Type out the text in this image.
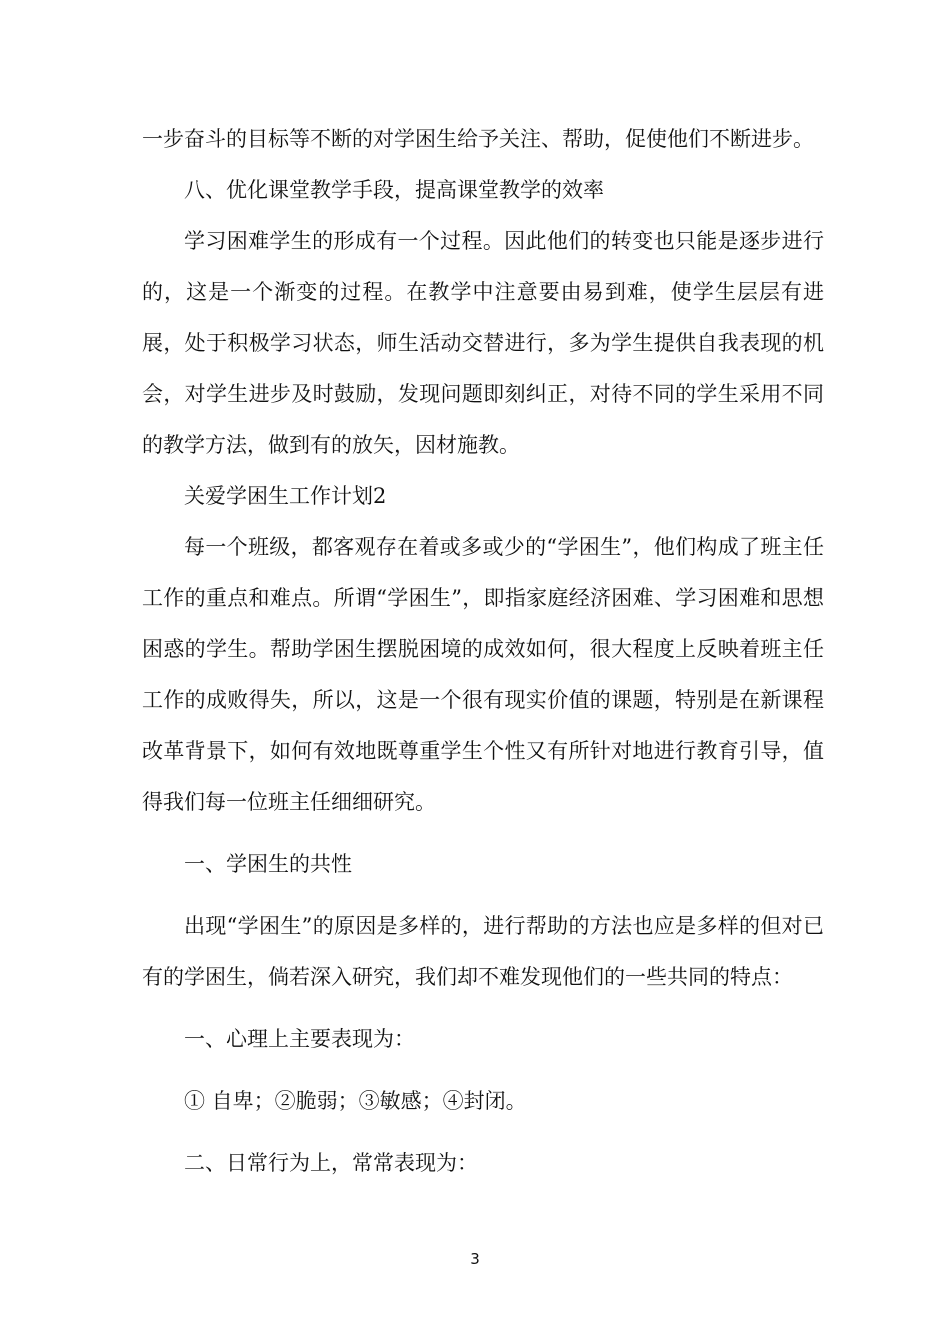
一步奋斗的目标等不断的对学困生给予关注、帮助，促使他们不断进步。

八、优化课堂教学手段，提高课堂教学的效率

学习困难学生的形成有一个过程。因此他们的转变也只能是逐步进行的，这是一个渐变的过程。在教学中注意要由易到难，使学生层层有进展，处于积极学习状态，师生活动交替进行，多为学生提供自我表现的机会，对学生进步及时鼓励，发现问题即刻纠正，对待不同的学生采用不同的教学方法，做到有的放矢，因材施教。

关爱学困生工作计划2

每一个班级，都客观存在着或多或少的“学困生”，他们构成了班主任工作的重点和难点。所谓“学困生”，即指家庭经济困难、学习困难和思想困惑的学生。帮助学困生摆脱困境的成效如何，很大程度上反映着班主任工作的成败得失，所以，这是一个很有现实价值的课题，特别是在新课程改革背景下，如何有效地既尊重学生个性又有所针对地进行教育引导，值得我们每一位班主任细细研究。

一、学困生的共性

出现“学困生”的原因是多样的，进行帮助的方法也应是多样的但对已有的学困生，倘若深入研究，我们却不难发现他们的一些共同的特点：

一、心理上主要表现为：

① 自卑；②脆弱；③敏感；④封闭。

二、日常行为上，常常表现为：

3
